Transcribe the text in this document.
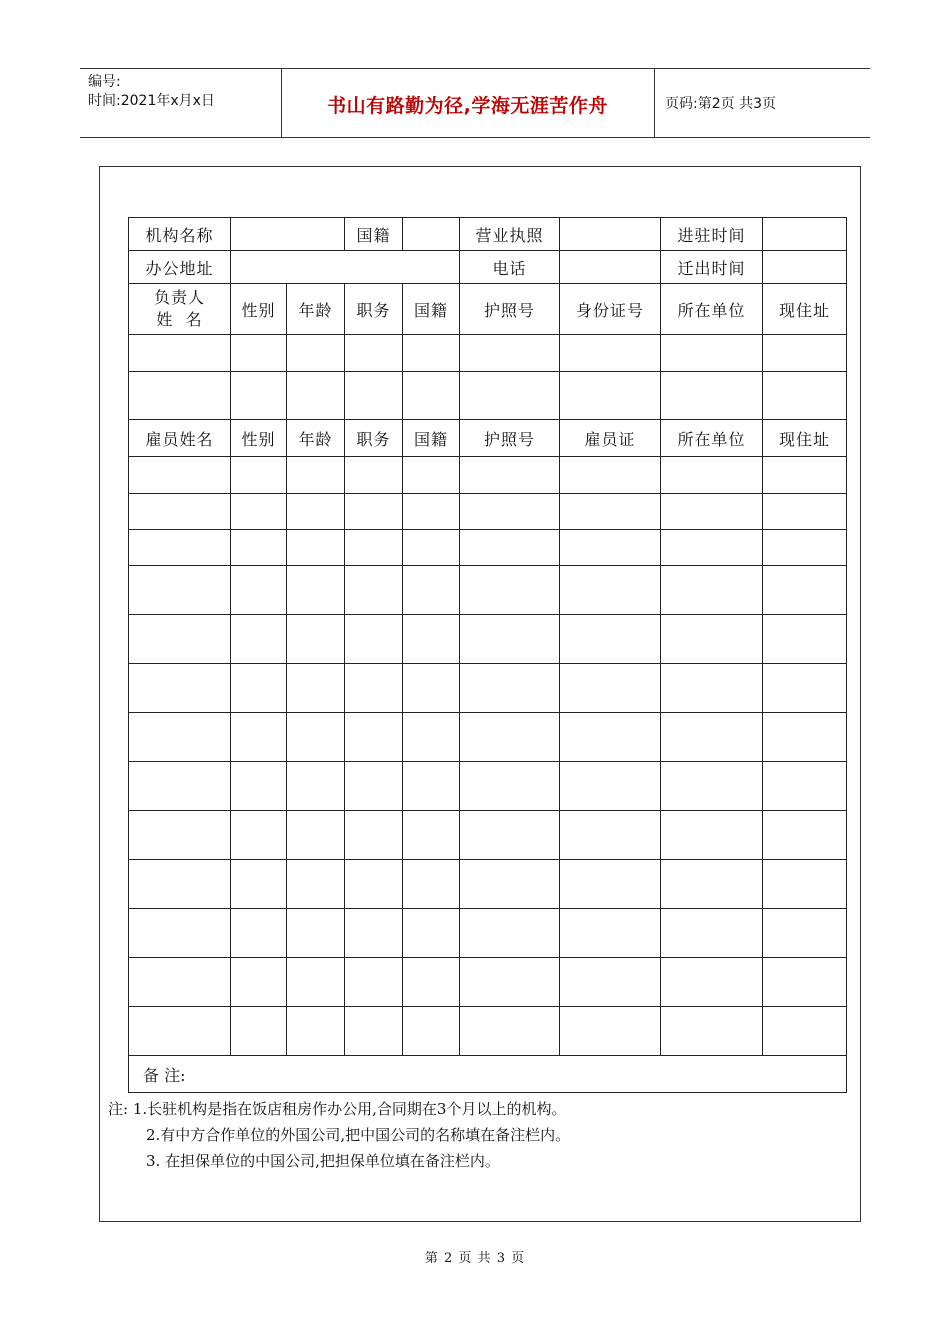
编号:
时间:2021年x月x日	书山有路勤为径,学海无涯苦作舟	页码:第2页 共3页
机构名称			国籍		营业执照		进驻时间	
办公地址					电话		迁出时间	

负责人
姓  名	性别	年龄	职务	国籍	护照号	身份证号	所在单位	现住址

雇员姓名	性别	年龄	职务	国籍	护照号	雇员证	所在单位	现住址

备 注:								
注: 1.长驻机构是指在饭店租房作办公用,合同期在3个月以上的机构。
2.有中方合作单位的外国公司,把中国公司的名称填在备注栏内。
3. 在担保单位的中国公司,把担保单位填在备注栏内。
第 2 页 共 3 页
